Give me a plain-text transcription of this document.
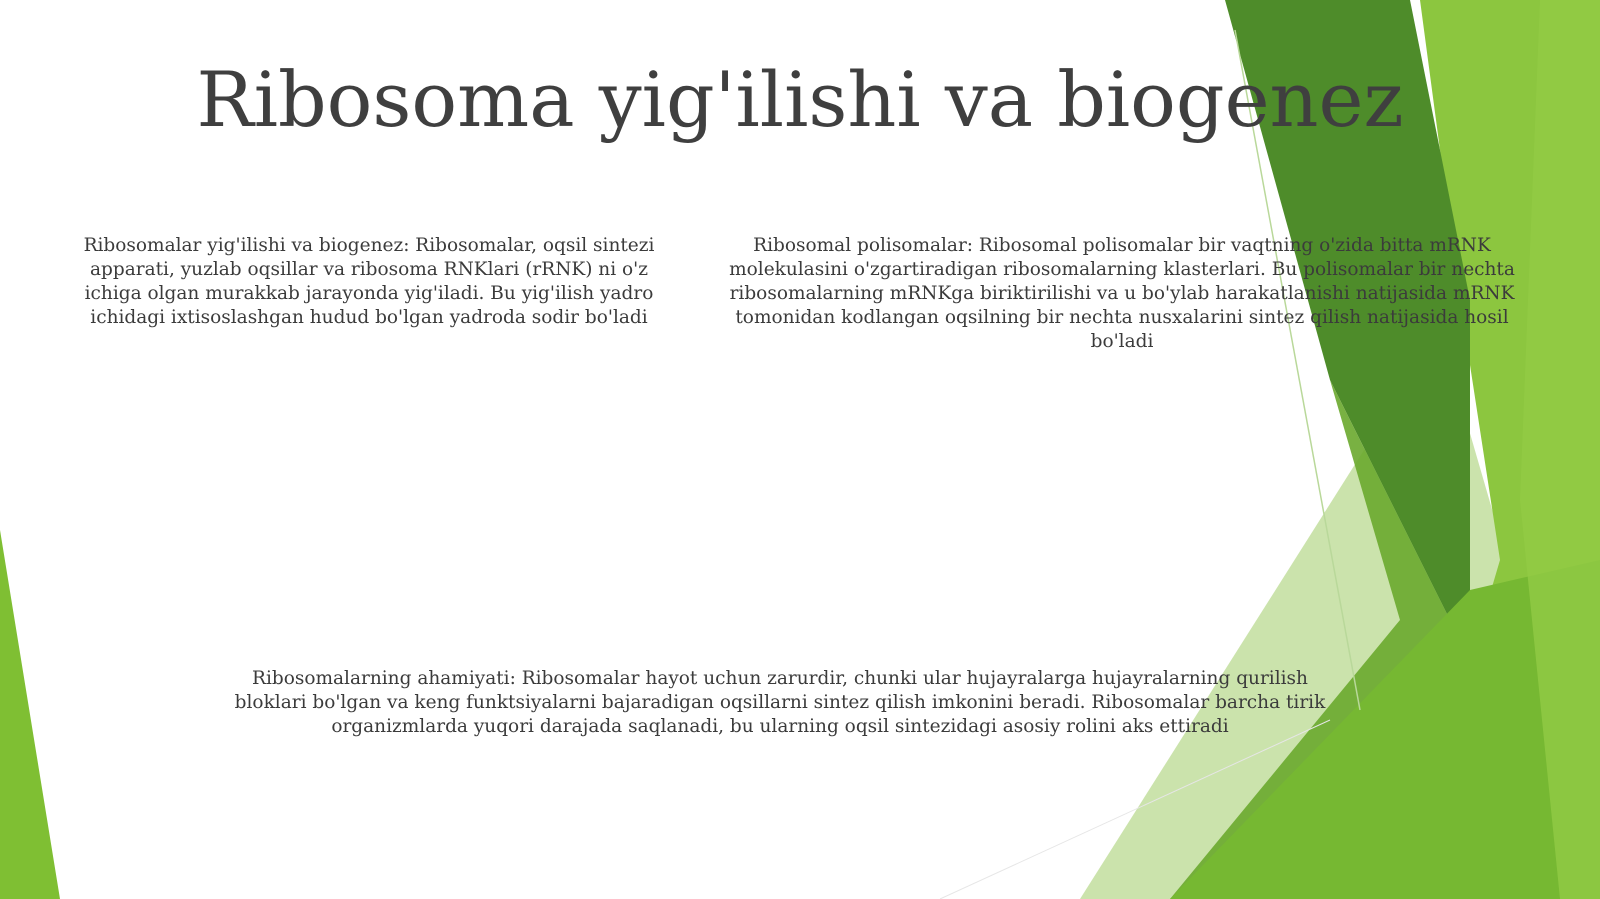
Ribosoma yig'ilishi va biogenez
Ribosomalar yig'ilishi va biogenez: Ribosomalar, oqsil sintezi apparati, yuzlab oqsillar va ribosoma RNKlari (rRNK) ni o'z ichiga olgan murakkab jarayonda yig'iladi. Bu yig'ilish yadro ichidagi ixtisoslashgan hudud bo'lgan yadroda sodir bo'ladi
Ribosomal polisomalar: Ribosomal polisomalar bir vaqtning o'zida bitta mRNK molekulasini o'zgartiradigan ribosomalarning klasterlari. Bu polisomalar bir nechta ribosomalarning mRNKga biriktirilishi va u bo'ylab harakatlanishi natijasida mRNK tomonidan kodlangan oqsilning bir nechta nusxalarini sintez qilish natijasida hosil bo'ladi
Ribosomalarning ahamiyati: Ribosomalar hayot uchun zarurdir, chunki ular hujayralarga hujayralarning qurilish bloklari bo'lgan va keng funktsiyalarni bajaradigan oqsillarni sintez qilish imkonini beradi. Ribosomalar barcha tirik organizmlarda yuqori darajada saqlanadi, bu ularning oqsil sintezidagi asosiy rolini aks ettiradi
